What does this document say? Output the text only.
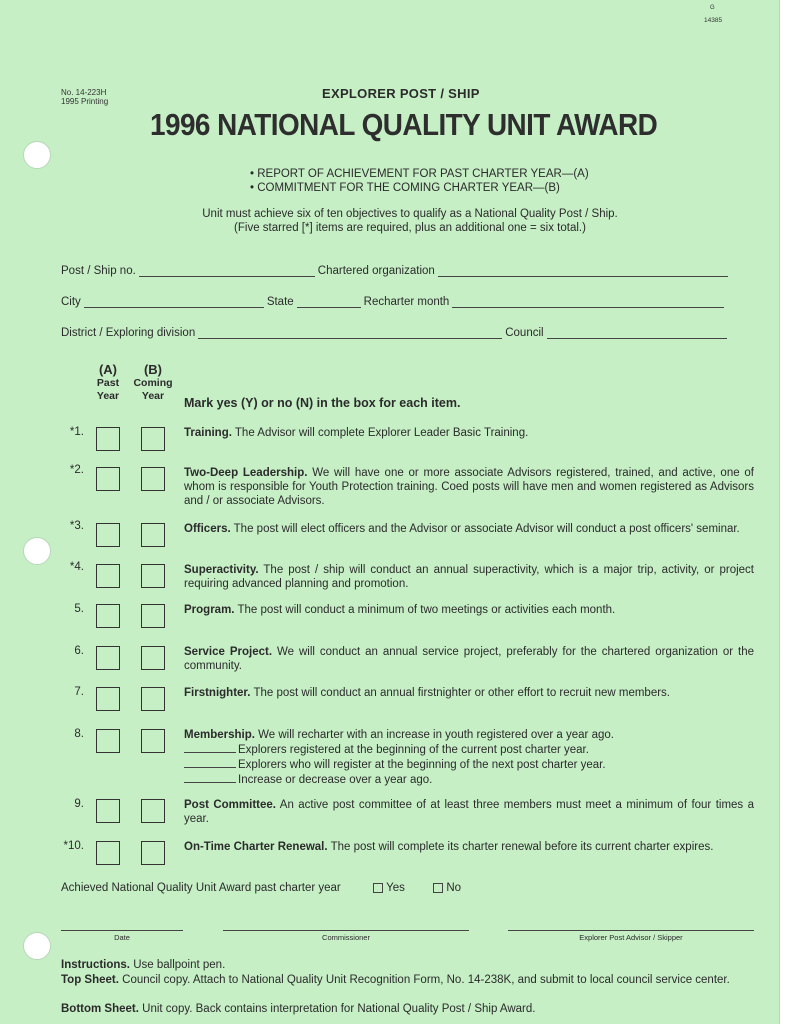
G
14385
No. 14-223H
1995 Printing
EXPLORER POST / SHIP
1996 NATIONAL QUALITY UNIT AWARD
• REPORT OF ACHIEVEMENT FOR PAST CHARTER YEAR—(A)
• COMMITMENT FOR THE COMING CHARTER YEAR—(B)
Unit must achieve six of ten objectives to qualify as a National Quality Post / Ship.
(Five starred [*] items are required, plus an additional one = six total.)
Post / Ship no.	Chartered organization
City	State	Recharter month
District / Exploring division	Council
(A)
Past
Year
(B)
Coming
Year	Mark yes (Y) or no (N) in the box for each item.
*1.	Training. The Advisor will complete Explorer Leader Basic Training.
*2.	Two-Deep Leadership. We will have one or more associate Advisors registered, trained, and active, one of whom is responsible for Youth Protection training. Coed posts will have men and women registered as Advisors and / or associate Advisors.
*3.	Officers. The post will elect officers and the Advisor or associate Advisor will conduct a post officers' seminar.
*4.	Superactivity. The post / ship will conduct an annual superactivity, which is a major trip, activity, or project requiring advanced planning and promotion.
5.	Program. The post will conduct a minimum of two meetings or activities each month.
6.	Service Project. We will conduct an annual service project, preferably for the chartered organization or the community.
7.	Firstnighter. The post will conduct an annual firstnighter or other effort to recruit new members.
8.	Membership. We will recharter with an increase in youth registered over a year ago.
Explorers registered at the beginning of the current post charter year.
Explorers who will register at the beginning of the next post charter year.
Increase or decrease over a year ago.
9.	Post Committee. An active post committee of at least three members must meet a minimum of four times a year.
*10.	On-Time Charter Renewal. The post will complete its charter renewal before its current charter expires.
Achieved National Quality Unit Award past charter year	Yes	No
Date	Commissioner	Explorer Post Advisor / Skipper
Instructions. Use ballpoint pen.
Top Sheet. Council copy. Attach to National Quality Unit Recognition Form, No. 14-238K, and submit to local council service center.
Bottom Sheet. Unit copy. Back contains interpretation for National Quality Post / Ship Award.
